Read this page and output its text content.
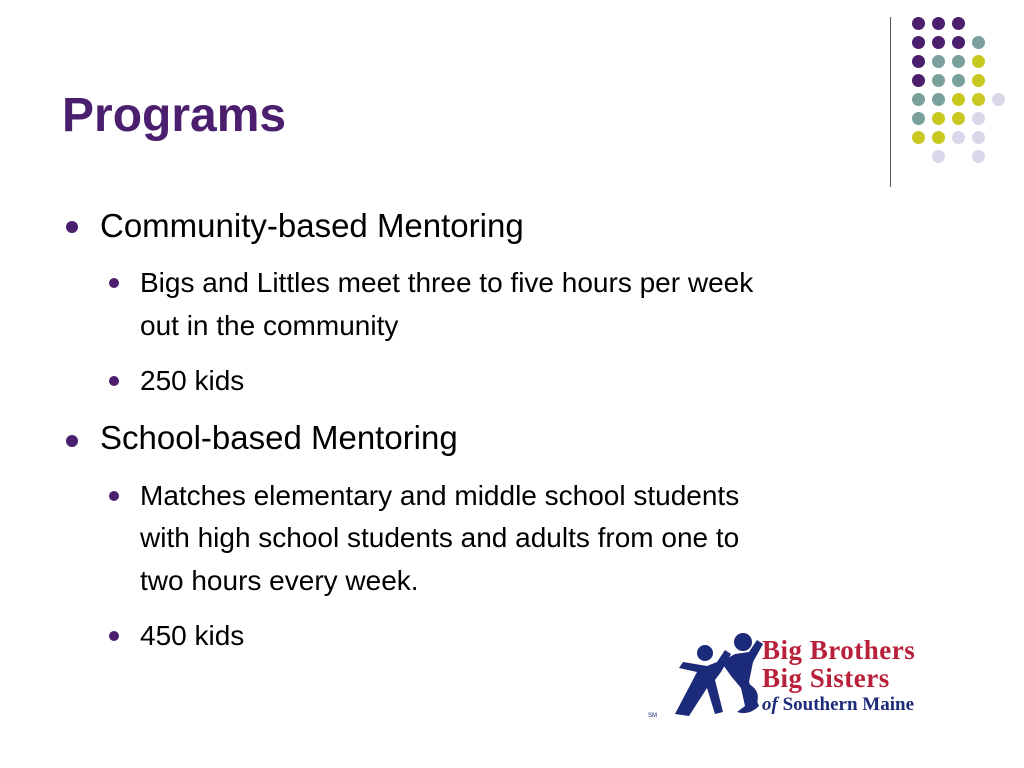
Programs

Community-based Mentoring

Bigs and Littles meet three to five hours per week

out in the community

250 kids

School-based Mentoring

Matches elementary and middle school students

with high school students and adults from one to

two hours every week.

450 kids	Big Brothers
Big Sisters
of Southern Maine
SM
